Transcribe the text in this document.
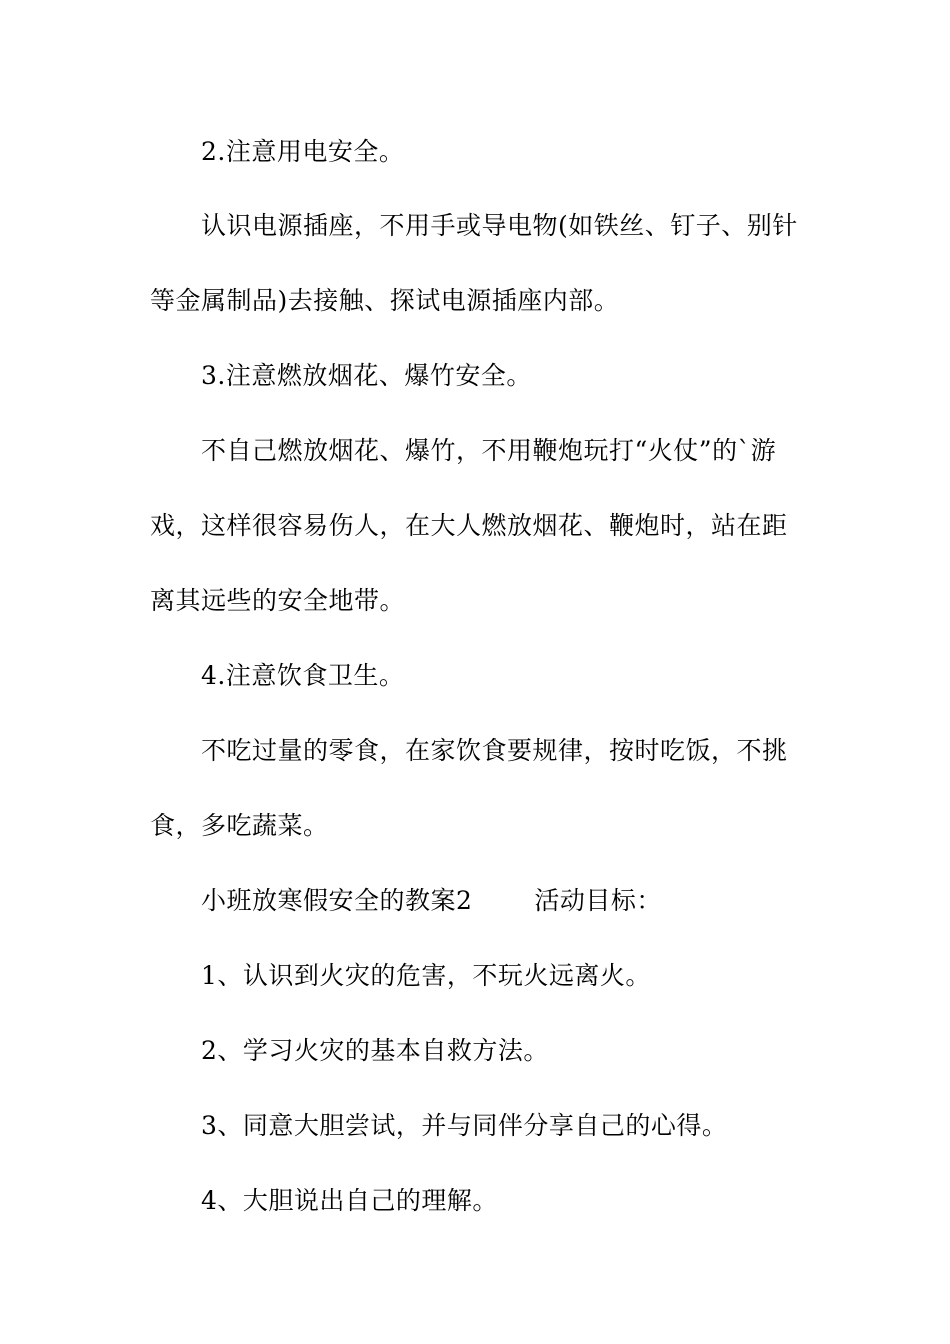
2.注意用电安全。
认识电源插座，不用手或导电物(如铁丝、钉子、别针
等金属制品)去接触、探试电源插座内部。
3.注意燃放烟花、爆竹安全。
不自己燃放烟花、爆竹，不用鞭炮玩打“火仗”的`游
戏，这样很容易伤人，在大人燃放烟花、鞭炮时，站在距
离其远些的安全地带。
4.注意饮食卫生。
不吃过量的零食，在家饮食要规律，按时吃饭，不挑
食，多吃蔬菜。
小班放寒假安全的教案2 活动目标：
1、认识到火灾的危害，不玩火远离火。
2、学习火灾的基本自救方法。
3、同意大胆尝试，并与同伴分享自己的心得。
4、大胆说出自己的理解。
